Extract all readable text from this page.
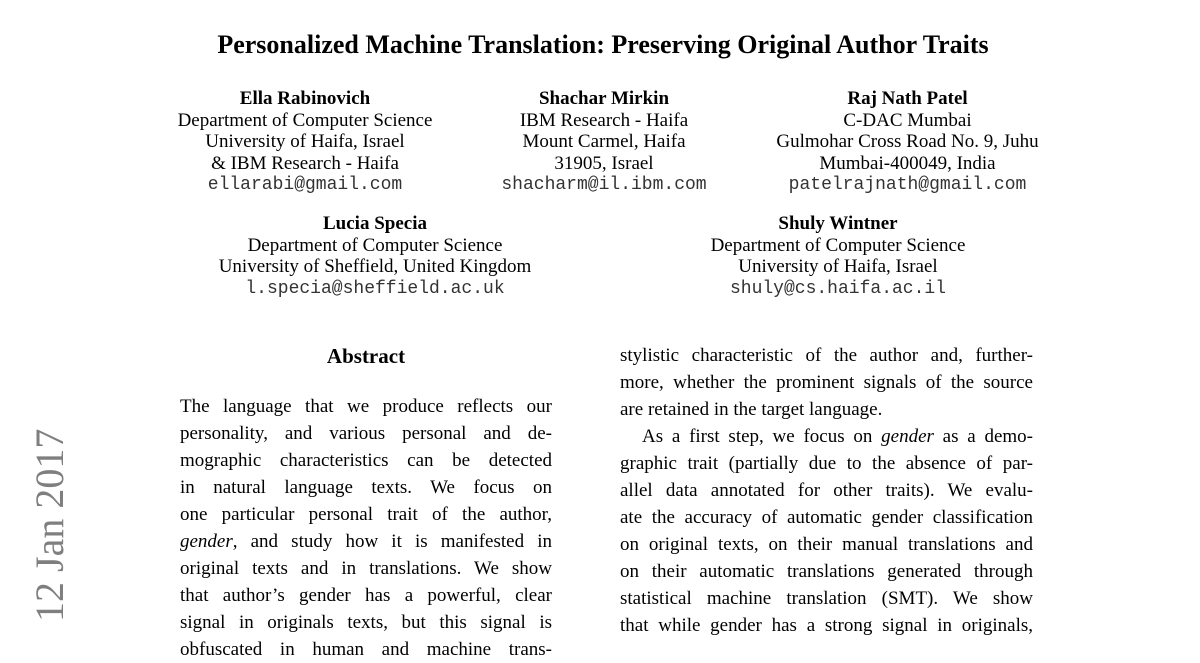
Personalized Machine Translation: Preserving Original Author Traits
Ella Rabinovich
Department of Computer Science
University of Haifa, Israel
& IBM Research - Haifa
ellarabi@gmail.com
Shachar Mirkin
IBM Research - Haifa
Mount Carmel, Haifa
31905, Israel
shacharm@il.ibm.com
Raj Nath Patel
C-DAC Mumbai
Gulmohar Cross Road No. 9, Juhu
Mumbai-400049, India
patelrajnath@gmail.com
Lucia Specia
Department of Computer Science
University of Sheffield, United Kingdom
l.specia@sheffield.ac.uk
Shuly Wintner
Department of Computer Science
University of Haifa, Israel
shuly@cs.haifa.ac.il
12 Jan 2017
Abstract
The language that we produce reflects our
personality, and various personal and de-
mographic characteristics can be detected
in natural language texts. We focus on
one particular personal trait of the author,
gender, and study how it is manifested in
original texts and in translations. We show
that author’s gender has a powerful, clear
signal in originals texts, but this signal is
obfuscated in human and machine trans-
stylistic characteristic of the author and, further-
more, whether the prominent signals of the source
are retained in the target language.
As a first step, we focus on gender as a demo-
graphic trait (partially due to the absence of par-
allel data annotated for other traits). We evalu-
ate the accuracy of automatic gender classification
on original texts, on their manual translations and
on their automatic translations generated through
statistical machine translation (SMT). We show
that while gender has a strong signal in originals,
